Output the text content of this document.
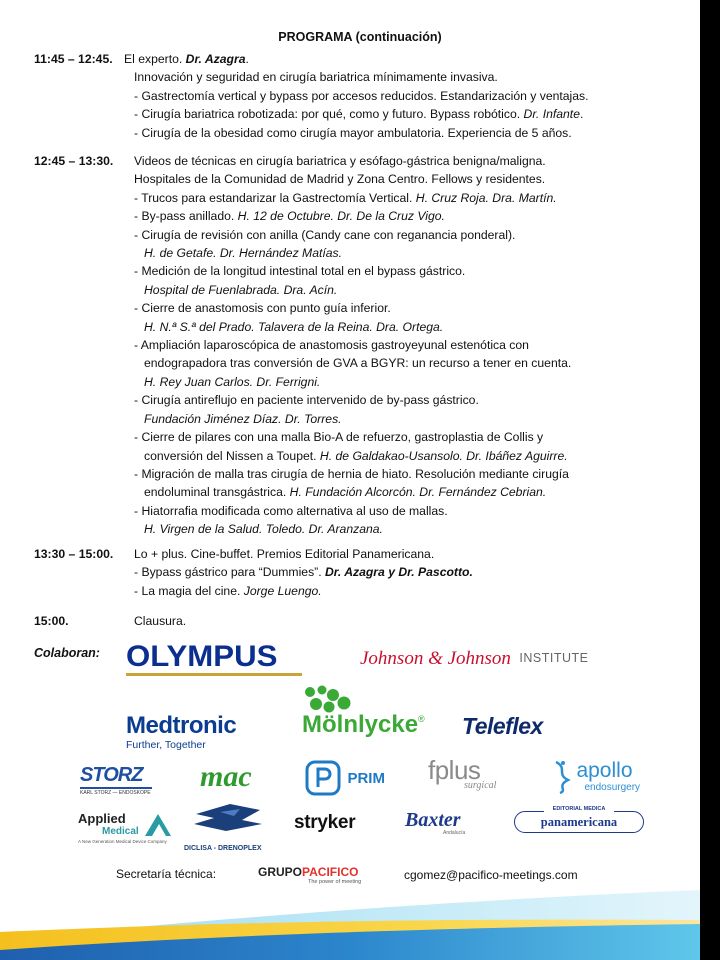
PROGRAMA (continuación)
11:45 – 12:45. El experto. Dr. Azagra.
Innovación y seguridad en cirugía bariatrica mínimamente invasiva.
- Gastrectomía vertical y bypass por accesos reducidos. Estandarización y ventajas.
- Cirugía bariatrica robotizada: por qué, como y futuro. Bypass robótico. Dr. Infante.
- Cirugía de la obesidad como cirugía mayor ambulatoria. Experiencia de 5 años.
12:45 – 13:30.	Videos de técnicas en cirugía bariatrica y esófago-gástrica benigna/maligna.
Hospitales de la Comunidad de Madrid y Zona Centro. Fellows y residentes.
- Trucos para estandarizar la Gastrectomía Vertical. H. Cruz Roja. Dra. Martín.
- By-pass anillado. H. 12 de Octubre. Dr. De la Cruz Vigo.
- Cirugía de revisión con anilla (Candy cane con reganancia ponderal).
H. de Getafe. Dr. Hernández Matías.
- Medición de la longitud intestinal total en el bypass gástrico.
Hospital de Fuenlabrada. Dra. Acín.
- Cierre de anastomosis con punto guía inferior.
H. N.ª S.ª del Prado. Talavera de la Reina. Dra. Ortega.
- Ampliación laparoscópica de anastomosis gastroyeyunal estenótica con
endograpadora tras conversión de GVA a BGYR: un recurso a tener en cuenta.
H. Rey Juan Carlos. Dr. Ferrigni.
- Cirugía antireflujo en paciente intervenido de by-pass gástrico.
Fundación Jiménez Díaz. Dr. Torres.
- Cierre de pilares con una malla Bio-A de refuerzo, gastroplastia de Collis y
conversión del Nissen a Toupet. H. de Galdakao-Usansolo. Dr. Ibáñez Aguirre.
- Migración de malla tras cirugía de hernia de hiato. Resolución mediante cirugía
endoluminal transgástrica. H. Fundación Alcorcón. Dr. Fernández Cebrian.
- Hiatorrafia modificada como alternativa al uso de mallas.
H. Virgen de la Salud. Toledo. Dr. Aranzana.
13:30 – 15:00.	Lo + plus. Cine-buffet. Premios Editorial Panamericana.
- Bypass gástrico para “Dummies”. Dr. Azagra y Dr. Pascotto.
- La magia del cine. Jorge Luengo.
15:00.	Clausura.
Colaboran: OLYMPUS	Johnson & Johnson INSTITUTE
Medtronic
Further, Together
Mölnlycke® Teleflex
STORZ
KARL STORZ — ENDOSKOPE mac	PRIM fplus
surgical

apollo
endosurgery
Applied
Medical

A New Generation Medical Device Company
DICLISA - DRENOPLEX
stryker Baxter
Andalucía
EDITORIAL MEDICA
panamericana
Secretaría técnica:	GRUPOPACIFICO
The power of meeting	cgomez@pacifico-meetings.com
